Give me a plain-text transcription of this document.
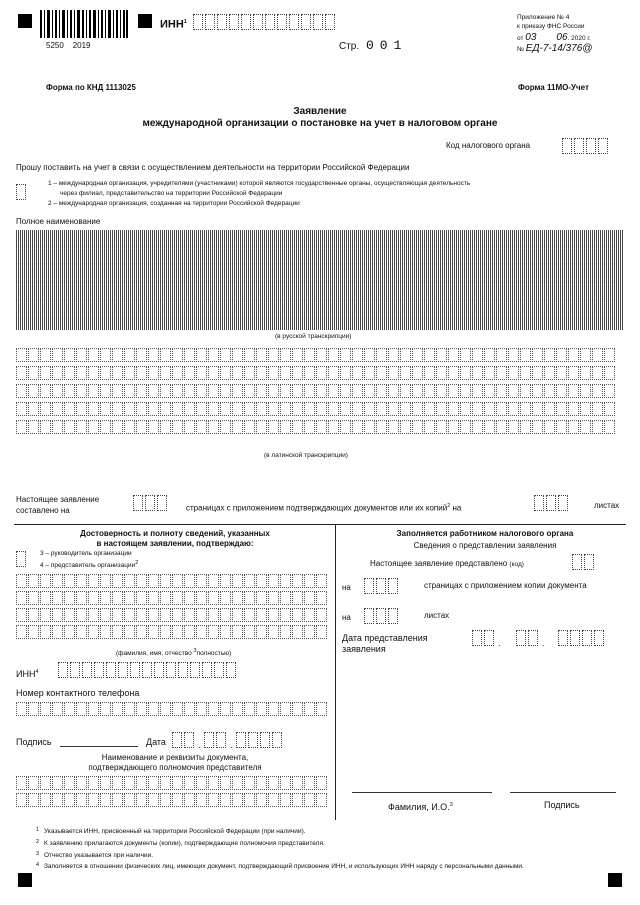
5250    2019
ИНН$^1$
Стр. 001
Приложение № 4
к приказу ФНС России
от 03 06. 2020 г.
№ ЕД-7-14/376@
Форма по КНД 1113025	Форма 11МО-Учет
Заявление
международной организации о постановке на учет в налоговом органе
Код налогового органа
Прошу поставить на учет в связи с осуществлением деятельности на территории Российской Федерации
1 – международная организация, учредителями (участниками) которой являются государственные органы, осуществляющая деятельность
через филиал, представительство на территории Российской Федерации
2 – международная организация, созданная на территории Российской Федерации
Полное наименование
(в русской транскрипции)
(в латинской транскрипции)
Настоящее заявление
составлено на	страницах с приложением подтверждающих документов или их копий$^2$ на	листах
Достоверность и полноту сведений, указанных
в настоящем заявлении, подтверждаю:
3 – руководитель организации
4 – представитель организации$^2$
(фамилия, имя, отчество $^3$полностью)
ИНН$^4$
Номер контактного телефона
Подпись	Дата	.	.
Наименование и реквизиты документа,
подтверждающего полномочия представителя
Заполняется работником налогового органа
Сведения о представлении заявления
Настоящее заявление представлено (код)
на	страницах с приложением копии документа
на	листах
Дата представления
заявления
.	.
Фамилия, И.О.$^3$	Подпись
1 Указывается ИНН, присвоенный на территории Российской Федерации (при наличии).
2 К заявлению прилагаются документы (копии), подтверждающие полномочия представителя.
3 Отчество указывается при наличии.
4 Заполняется в отношении физических лиц, имеющих документ, подтверждающий присвоение ИНН, и использующих ИНН наряду с персональными данными.
